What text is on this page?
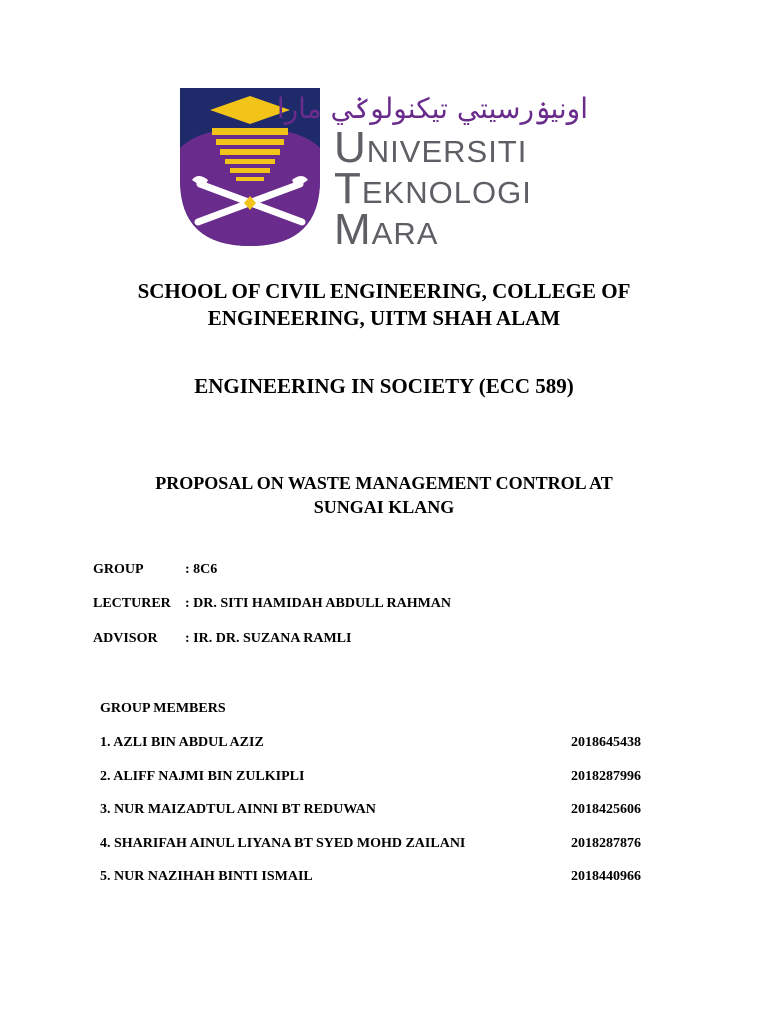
اونيۏرسيتي تيكنولوݢي مارا
Universiti
Teknologi
Mara
SCHOOL OF CIVIL ENGINEERING, COLLEGE OF
ENGINEERING, UITM SHAH ALAM
ENGINEERING IN SOCIETY (ECC 589)
PROPOSAL ON WASTE MANAGEMENT CONTROL AT
SUNGAI KLANG
GROUP	: 8C6
LECTURER : DR. SITI HAMIDAH ABDULL RAHMAN
ADVISOR : IR. DR. SUZANA RAMLI
GROUP MEMBERS
1. AZLI BIN ABDUL AZIZ	2018645438
2. ALIFF NAJMI BIN ZULKIPLI	2018287996
3. NUR MAIZADTUL AINNI BT REDUWAN	2018425606
4. SHARIFAH AINUL LIYANA BT SYED MOHD ZAILANI	2018287876
5. NUR NAZIHAH BINTI ISMAIL	2018440966
